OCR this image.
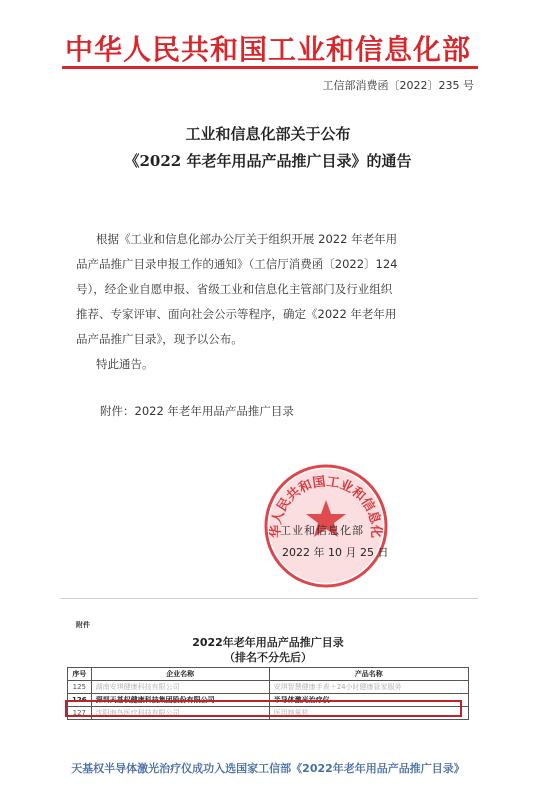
中华人民共和国工业和信息化部
工信部消费函〔2022〕235 号
工业和信息化部关于公布
《2022 年老年用品产品推广目录》的通告
根据《工业和信息化部办公厅关于组织开展 2022 年老年用
品产品推广目录申报工作的通知》（工信厅消费函〔2022〕124
号），经企业自愿申报、省级工业和信息化主管部门及行业组织
推荐、专家评审、面向社会公示等程序，确定《2022 年老年用
品产品推广目录》，现予以公布。
特此通告。
附件：2022 年老年用品产品推广目录
华人民共和国工业和信息化
工业和信息化部
2022 年 10 月 25 日
附件
2022年老年用品产品推广目录
（排名不分先后）
序号	企业名称	产品名称
125	湖南安琪健康科技有限公司	安琪智慧健康手表＋24小时健康管家服务
126	深圳天基权健康科技集团股份有限公司	半导体激光治疗仪
127	沈阳海鸟医疗科技有限公司	医用制氧机
天基权半导体激光治疗仪成功入选国家工信部《2022年老年用品产品推广目录》
